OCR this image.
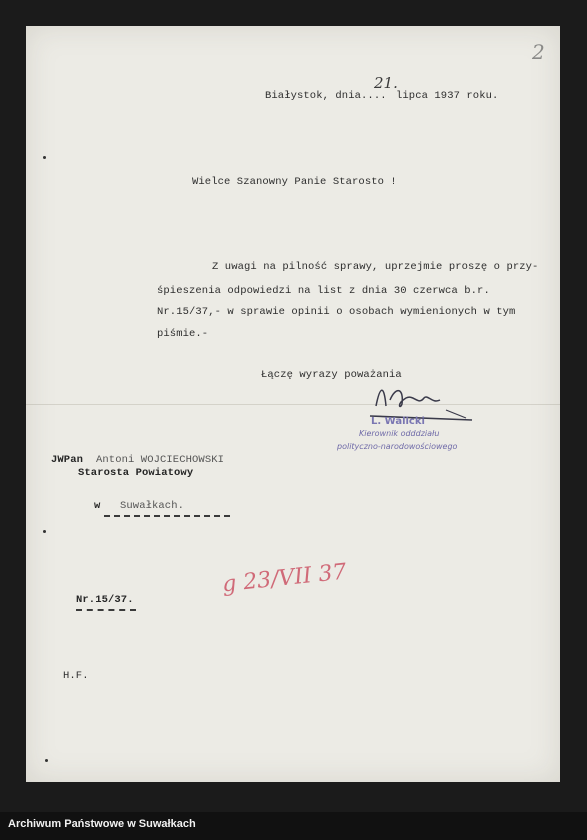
2
Białystok, dnia....
21.
lipca 1937 roku.
Wielce Szanowny Panie Starosto !
Z uwagi na pilność sprawy, uprzejmie proszę o przy-
śpieszenia odpowiedzi na list z dnia 30 czerwca b.r.
Nr.15/37,- w sprawie opinii o osobach wymienionych w tym
piśmie.-
Łączę wyrazy poważania
L. Walicki
Kierownik odddziału
polityczno-narodowościowego
JWPan Antoni WOJCIECHOWSKI
Starosta Powiatowy
w Suwałkach.
g 23/VII 37
Nr.15/37.
H.F.
Archiwum Państwowe w Suwałkach
